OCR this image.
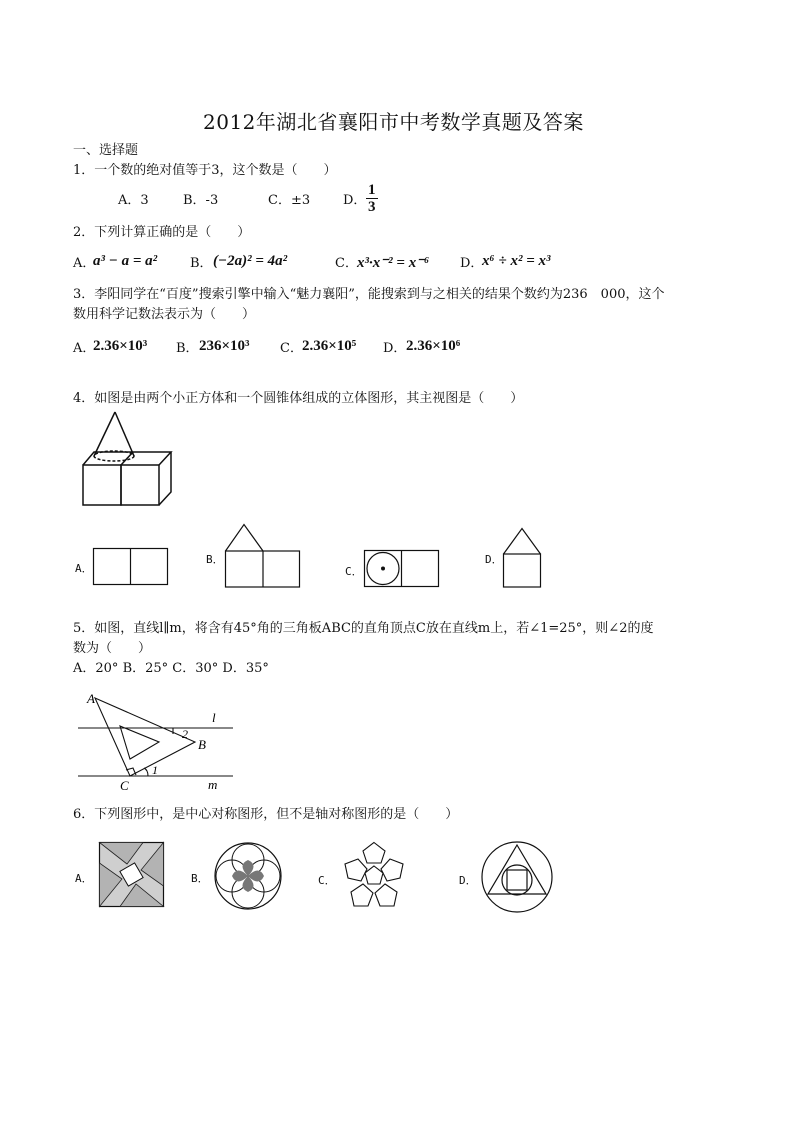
2012年湖北省襄阳市中考数学真题及答案
一、选择题
1．一个数的绝对值等于3，这个数是（　　）
A．3	B．-3	C．±3	D． $\frac{1}{3}$
2．下列计算正确的是（　　）
A．
a³ − a = a²	B． (−2a)² = 4a²	C． x³·x⁻² = x⁻⁶ D．
x⁶ ÷ x² = x³
3．李阳同学在“百度”搜索引擎中输入“魅力襄阳”，能搜索到与之相关的结果个数约为236　000，这个
数用科学记数法表示为（　　）
A．
2.36×10³ B． 236×10³ C． 2.36×10⁵ D． 2.36×10⁶
4．如图是由两个小正方体和一个圆锥体组成的立体图形，其主视图是（　　）
A．
B．
C．
D．
5．如图，直线l∥m，将含有45°角的三角板ABC的直角顶点C放在直线m上，若∠1=25°，则∠2的度
数为（　　）
A．20° B．25° C．30° D．35°
A
B
C
l
m
1
2
6．下列图形中，是中心对称图形，但不是轴对称图形的是（　　）
A．	B．	C．	D．
